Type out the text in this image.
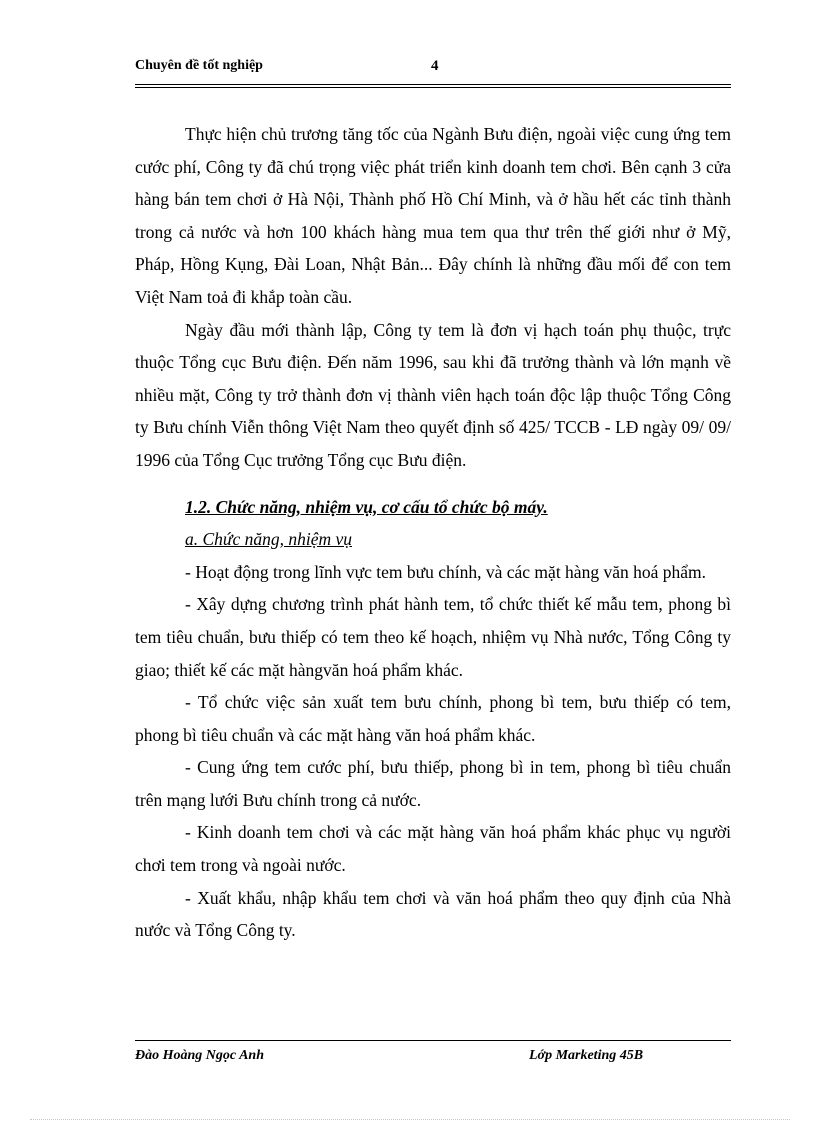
Chuyên đề tốt nghiệp	4

Thực hiện chủ trương tăng tốc của Ngành Bưu điện, ngoài việc cung ứng tem cước phí, Công ty đã chú trọng việc phát triển kinh doanh tem chơi. Bên cạnh 3 cửa hàng bán tem chơi ở Hà Nội, Thành phố Hồ Chí Minh, và ở hầu hết các tỉnh thành trong cả nước và hơn 100 khách hàng mua tem qua thư trên thế giới như ở Mỹ, Pháp, Hồng Kụng, Đài Loan, Nhật Bản... Đây chính là những đầu mối để con tem Việt Nam toả đi khắp toàn cầu.

Ngày đầu mới thành lập, Công ty tem là đơn vị hạch toán phụ thuộc, trực thuộc Tổng cục Bưu điện. Đến năm 1996, sau khi đã trưởng thành và lớn mạnh về nhiều mặt, Công ty trở thành đơn vị thành viên hạch toán độc lập thuộc Tổng Công ty Bưu chính Viễn thông Việt Nam theo quyết định số 425/ TCCB - LĐ ngày 09/ 09/ 1996 của Tổng Cục trưởng Tổng cục Bưu điện.

1.2. Chức năng, nhiệm vụ, cơ cấu tổ chức bộ máy.

a. Chức năng, nhiệm vụ

- Hoạt động trong lĩnh vực tem bưu chính, và các mặt hàng văn hoá phẩm.

- Xây dựng chương trình phát hành tem, tổ chức thiết kế mẫu tem, phong bì tem tiêu chuẩn, bưu thiếp có tem theo kế hoạch, nhiệm vụ Nhà nước, Tổng Công ty giao; thiết kế các mặt hàngvăn hoá phẩm khác.

- Tổ chức việc sản xuất tem bưu chính, phong bì tem, bưu thiếp có tem, phong bì tiêu chuẩn và các mặt hàng văn hoá phẩm khác.

- Cung ứng tem cước phí, bưu thiếp, phong bì in tem, phong bì tiêu chuẩn trên mạng lưới Bưu chính trong cả nước.

- Kinh doanh tem chơi và các mặt hàng văn hoá phẩm khác phục vụ người chơi tem trong và ngoài nước.

- Xuất khẩu, nhập khẩu tem chơi và văn hoá phẩm theo quy định của Nhà nước và Tổng Công ty.

Đào Hoàng Ngọc Anh	Lớp Marketing 45B
